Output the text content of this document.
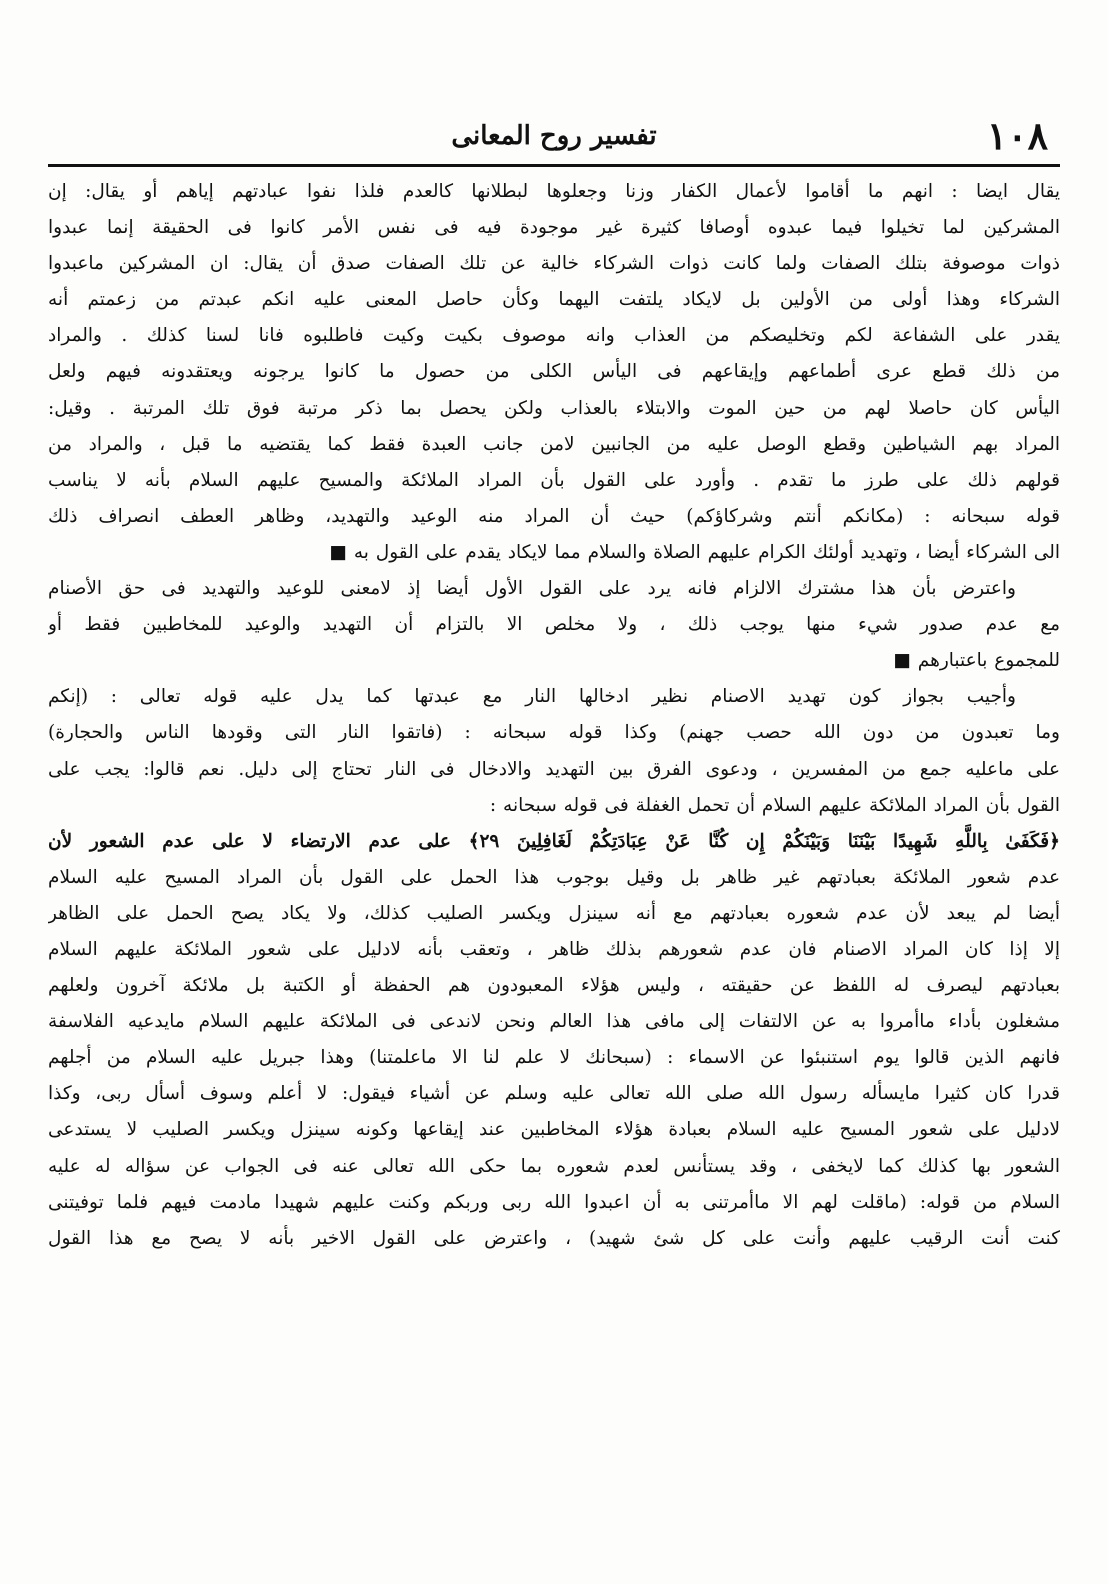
١٠٨
تفسير روح المعانى
يقال ايضا : انهم ما أقاموا لأعمال الكفار وزنا وجعلوها لبطلانها كالعدم فلذا نفوا عبادتهم إياهم أو يقال: إن
المشركين لما تخيلوا فيما عبدوه أوصافا كثيرة غير موجودة فيه فى نفس الأمر كانوا فى الحقيقة إنما عبدوا
ذوات موصوفة بتلك الصفات ولما كانت ذوات الشركاء خالية عن تلك الصفات صدق أن يقال: ان المشركين ماعبدوا
الشركاء وهذا أولى من الأولين بل لايكاد يلتفت اليهما وكأن حاصل المعنى عليه انكم عبدتم من زعمتم أنه
يقدر على الشفاعة لكم وتخليصكم من العذاب وانه موصوف بكيت وكيت فاطلبوه فانا لسنا كذلك . والمراد
من ذلك قطع عرى أطماعهم وإيقاعهم فى اليأس الكلى من حصول ما كانوا يرجونه ويعتقدونه فيهم ولعل
اليأس كان حاصلا لهم من حين الموت والابتلاء بالعذاب ولكن يحصل بما ذكر مرتبة فوق تلك المرتبة . وقيل:
المراد بهم الشياطين وقطع الوصل عليه من الجانبين لامن جانب العبدة فقط كما يقتضيه ما قبل ، والمراد من
قولهم ذلك على طرز ما تقدم . وأورد على القول بأن المراد الملائكة والمسيح عليهم السلام بأنه لا يناسب
قوله سبحانه : (مكانكم أنتم وشركاؤكم) حيث أن المراد منه الوعيد والتهديد، وظاهر العطف انصراف ذلك
الى الشركاء أيضا ، وتهديد أولئك الكرام عليهم الصلاة والسلام مما لايكاد يقدم على القول به ■
واعترض بأن هذا مشترك الالزام فانه يرد على القول الأول أيضا إذ لامعنى للوعيد والتهديد فى حق الأصنام
مع عدم صدور شيء منها يوجب ذلك ، ولا مخلص الا بالتزام أن التهديد والوعيد للمخاطبين فقط أو
للمجموع باعتبارهم ■
وأجيب بجواز كون تهديد الاصنام نظير ادخالها النار مع عبدتها كما يدل عليه قوله تعالى : (إنكم
وما تعبدون من دون الله حصب جهنم) وكذا قوله سبحانه : (فاتقوا النار التى وقودها الناس والحجارة)
على ماعليه جمع من المفسرين ، ودعوى الفرق بين التهديد والادخال فى النار تحتاج إلى دليل. نعم قالوا: يجب على
القول بأن المراد الملائكة عليهم السلام أن تحمل الغفلة فى قوله سبحانه :
﴿فَكَفَىٰ بِاللَّهِ شَهِيدًا بَيْنَنَا وَبَيْنَكُمْ إِن كُنَّا عَنْ عِبَادَتِكُمْ لَغَافِلِينَ ٢٩﴾ على عدم الارتضاء لا على عدم الشعور لأن
عدم شعور الملائكة بعبادتهم غير ظاهر بل وقيل بوجوب هذا الحمل على القول بأن المراد المسيح عليه السلام
أيضا لم يبعد لأن عدم شعوره بعبادتهم مع أنه سينزل ويكسر الصليب كذلك، ولا يكاد يصح الحمل على الظاهر
إلا إذا كان المراد الاصنام فان عدم شعورهم بذلك ظاهر ، وتعقب بأنه لادليل على شعور الملائكة عليهم السلام
بعبادتهم ليصرف له اللفظ عن حقيقته ، وليس هؤلاء المعبودون هم الحفظة أو الكتبة بل ملائكة آخرون ولعلهم
مشغلون بأداء ماأمروا به عن الالتفات إلى مافى هذا العالم ونحن لاندعى فى الملائكة عليهم السلام مايدعيه الفلاسفة
فانهم الذين قالوا يوم استنبئوا عن الاسماء : (سبحانك لا علم لنا الا ماعلمتنا) وهذا جبريل عليه السلام من أجلهم
قدرا كان كثيرا مايسأله رسول الله صلى الله تعالى عليه وسلم عن أشياء فيقول: لا أعلم وسوف أسأل ربى، وكذا
لادليل على شعور المسيح عليه السلام بعبادة هؤلاء المخاطبين عند إيقاعها وكونه سينزل ويكسر الصليب لا يستدعى
الشعور بها كذلك كما لايخفى ، وقد يستأنس لعدم شعوره بما حكى الله تعالى عنه فى الجواب عن سؤاله له عليه
السلام من قوله: (ماقلت لهم الا ماأمرتنى به أن اعبدوا الله ربى وربكم وكنت عليهم شهيدا مادمت فيهم فلما توفيتنى
كنت أنت الرقيب عليهم وأنت على كل شئ شهيد) ، واعترض على القول الاخير بأنه لا يصح مع هذا القول
